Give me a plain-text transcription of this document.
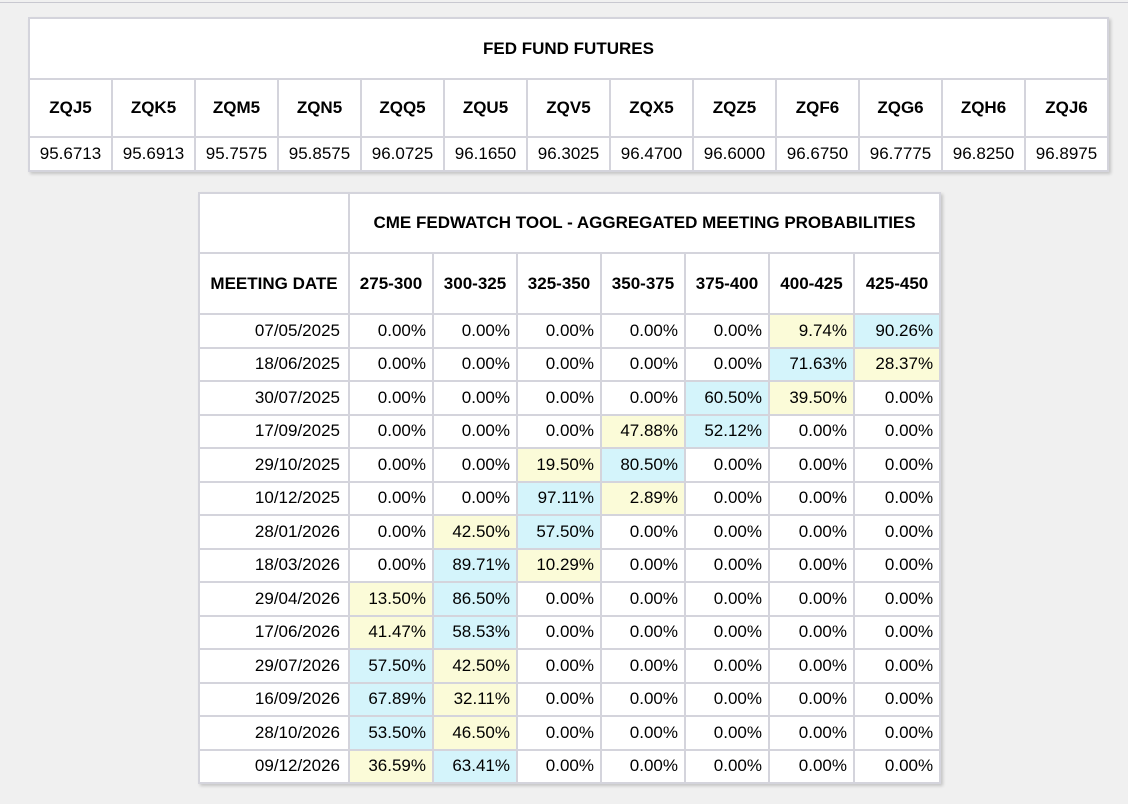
FED FUND FUTURES												
ZQJ5	ZQK5	ZQM5	ZQN5	ZQQ5	ZQU5	ZQV5	ZQX5	ZQZ5	ZQF6	ZQG6	ZQH6	ZQJ6
95.6713	95.6913	95.7575	95.8575	96.0725	96.1650	96.3025	96.4700	96.6000	96.6750	96.7775	96.8250	96.8975
	CME FEDWATCH TOOL - AGGREGATED MEETING PROBABILITIES						
MEETING DATE	275-300	300-325	325-350	350-375	375-400	400-425	425-450
07/05/2025	0.00%	0.00%	0.00%	0.00%	0.00%	9.74%	90.26%
18/06/2025	0.00%	0.00%	0.00%	0.00%	0.00%	71.63%	28.37%
30/07/2025	0.00%	0.00%	0.00%	0.00%	60.50%	39.50%	0.00%
17/09/2025	0.00%	0.00%	0.00%	47.88%	52.12%	0.00%	0.00%
29/10/2025	0.00%	0.00%	19.50%	80.50%	0.00%	0.00%	0.00%
10/12/2025	0.00%	0.00%	97.11%	2.89%	0.00%	0.00%	0.00%
28/01/2026	0.00%	42.50%	57.50%	0.00%	0.00%	0.00%	0.00%
18/03/2026	0.00%	89.71%	10.29%	0.00%	0.00%	0.00%	0.00%
29/04/2026	13.50%	86.50%	0.00%	0.00%	0.00%	0.00%	0.00%
17/06/2026	41.47%	58.53%	0.00%	0.00%	0.00%	0.00%	0.00%
29/07/2026	57.50%	42.50%	0.00%	0.00%	0.00%	0.00%	0.00%
16/09/2026	67.89%	32.11%	0.00%	0.00%	0.00%	0.00%	0.00%
28/10/2026	53.50%	46.50%	0.00%	0.00%	0.00%	0.00%	0.00%
09/12/2026	36.59%	63.41%	0.00%	0.00%	0.00%	0.00%	0.00%
